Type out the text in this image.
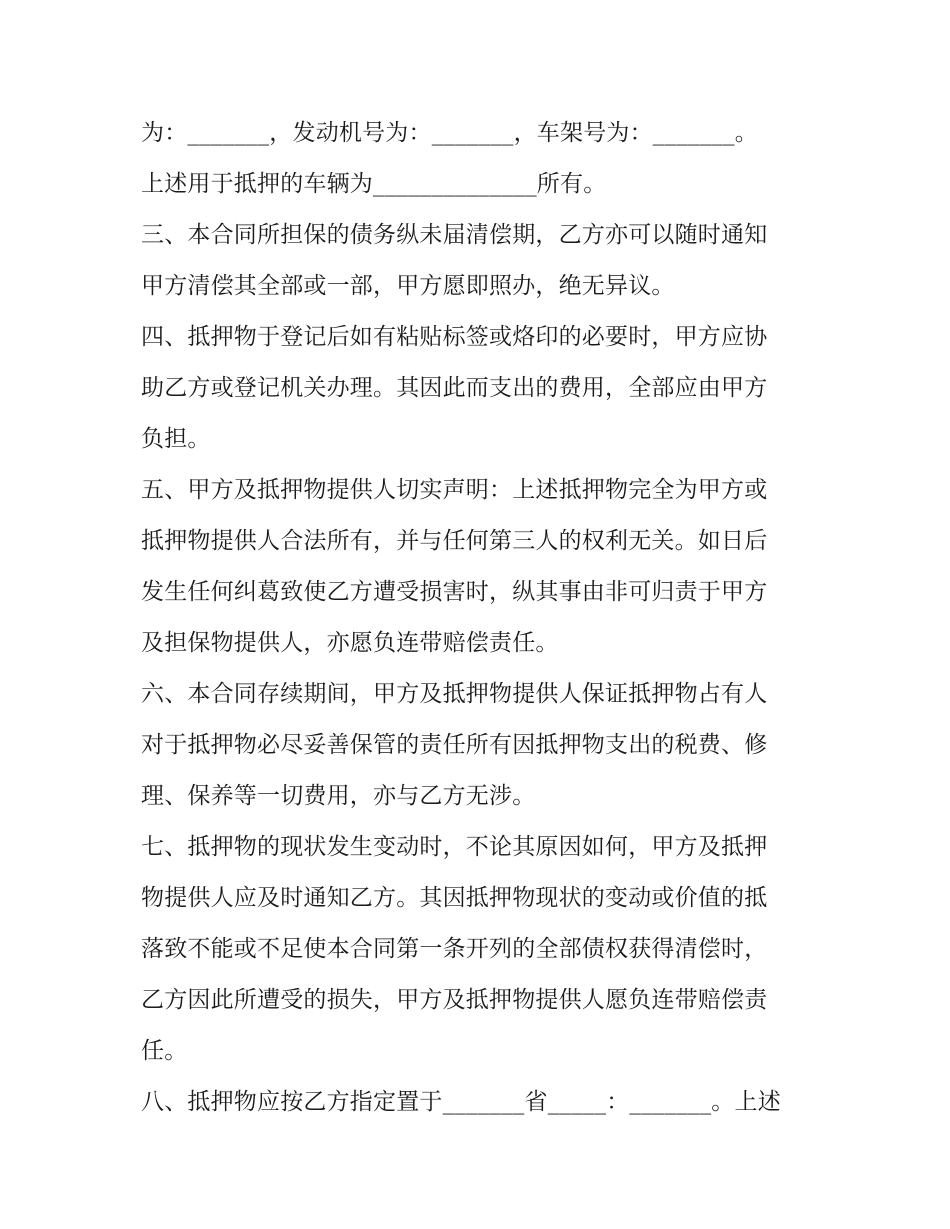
为：_______，发动机号为：_______，车架号为：_______。
上述用于抵押的车辆为______________所有。
三、本合同所担保的债务纵未届清偿期，乙方亦可以随时通知
甲方清偿其全部或一部，甲方愿即照办，绝无异议。
四、抵押物于登记后如有粘贴标签或烙印的必要时，甲方应协
助乙方或登记机关办理。其因此而支出的费用，全部应由甲方
负担。
五、甲方及抵押物提供人切实声明：上述抵押物完全为甲方或
抵押物提供人合法所有，并与任何第三人的权利无关。如日后
发生任何纠葛致使乙方遭受损害时，纵其事由非可归责于甲方
及担保物提供人，亦愿负连带赔偿责任。
六、本合同存续期间，甲方及抵押物提供人保证抵押物占有人
对于抵押物必尽妥善保管的责任所有因抵押物支出的税费、修
理、保养等一切费用，亦与乙方无涉。
七、抵押物的现状发生变动时，不论其原因如何，甲方及抵押
物提供人应及时通知乙方。其因抵押物现状的变动或价值的抵
落致不能或不足使本合同第一条开列的全部债权获得清偿时，
乙方因此所遭受的损失，甲方及抵押物提供人愿负连带赔偿责
任。
八、抵押物应按乙方指定置于_______省_____：_______。上述
